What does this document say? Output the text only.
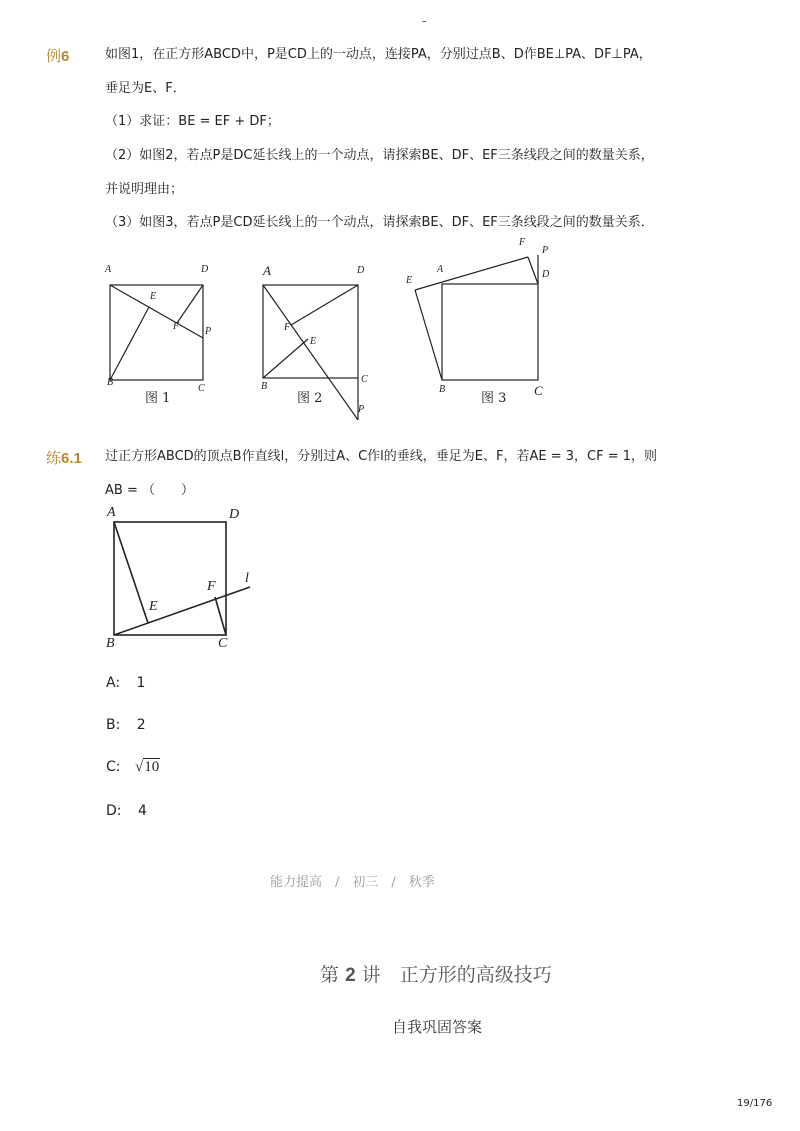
-
例6	如图1，在正方形ABCD中，P是CD上的一动点，连接PA，分别过点B、D作BE⊥PA、DF⊥PA，
垂足为E、F．
（1）求证：BE = EF + DF；
（2）如图2，若点P是DC延长线上的一个动点，请探索BE、DF、EF三条线段之间的数量关系，
并说明理由；
（3）如图3，若点P是CD延长线上的一个动点，请探索BE、DF、EF三条线段之间的数量关系．
A	D
E
F	P
B
C
图 1
A	D
F
E
C
B
P
图 2
F
P
A	D
E
B	C
图 3
练6.1 过正方形ABCD的顶点B作直线l，分别过A、C作l的垂线，垂足为E、F，若AE = 3，CF = 1，则
AB = （　　）
A	D
F
l
E
B	C
A: 1
B: 2
C: √10
D: 4
能力提高　/　初三　/　秋季
第 2 讲　正方形的高级技巧
自我巩固答案
19/176
